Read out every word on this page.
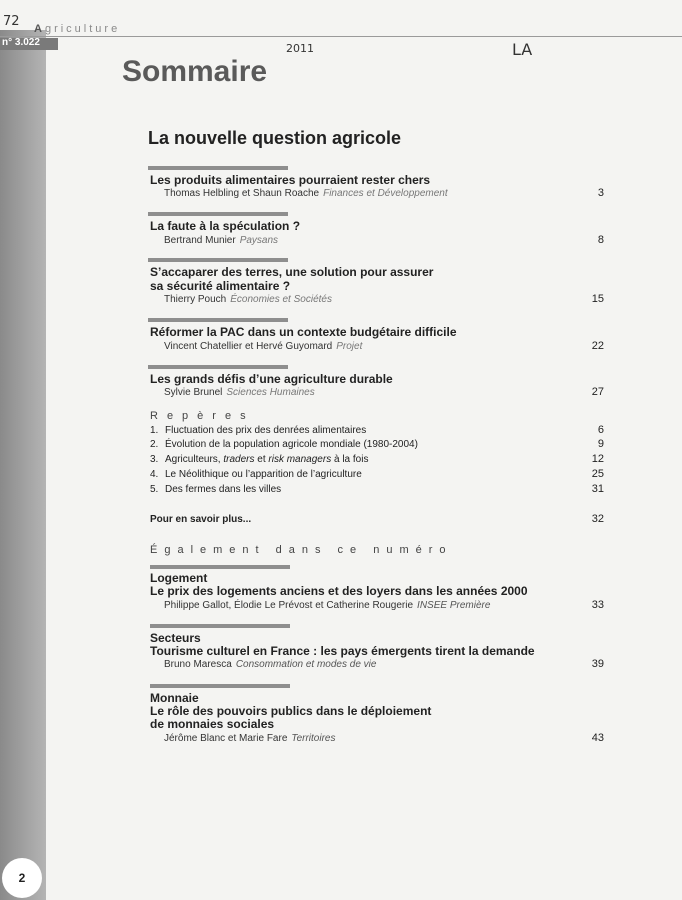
n° 3.022
72 Agriculture
2011	LA
Sommaire
La nouvelle question agricole
Les produits alimentaires pourraient rester chers
Thomas Helbling et Shaun Roache Finances et Développement	3
La faute à la spéculation ?
Bertrand Munier Paysans	8
S’accaparer des terres, une solution pour assurer
sa sécurité alimentaire ?
Thierry Pouch Économies et Sociétés	15
Réformer la PAC dans un contexte budgétaire difficile
Vincent Chatellier et Hervé Guyomard Projet	22
Les grands défis d’une agriculture durable
Sylvie Brunel Sciences Humaines	27
Repères
1. Fluctuation des prix des denrées alimentaires	6
2. Évolution de la population agricole mondiale (1980-2004)	9
3. Agriculteurs, traders et risk managers à la fois	12
4. Le Néolithique ou l’apparition de l’agriculture	25
5. Des fermes dans les villes	31
Pour en savoir plus...	32
Également dans ce numéro
Logement
Le prix des logements anciens et des loyers dans les années 2000
Philippe Gallot, Élodie Le Prévost et Catherine Rougerie INSEE Première	33
Secteurs
Tourisme culturel en France : les pays émergents tirent la demande
Bruno Maresca Consommation et modes de vie	39
Monnaie
Le rôle des pouvoirs publics dans le déploiement
de monnaies sociales
Jérôme Blanc et Marie Fare Territoires	43
2
